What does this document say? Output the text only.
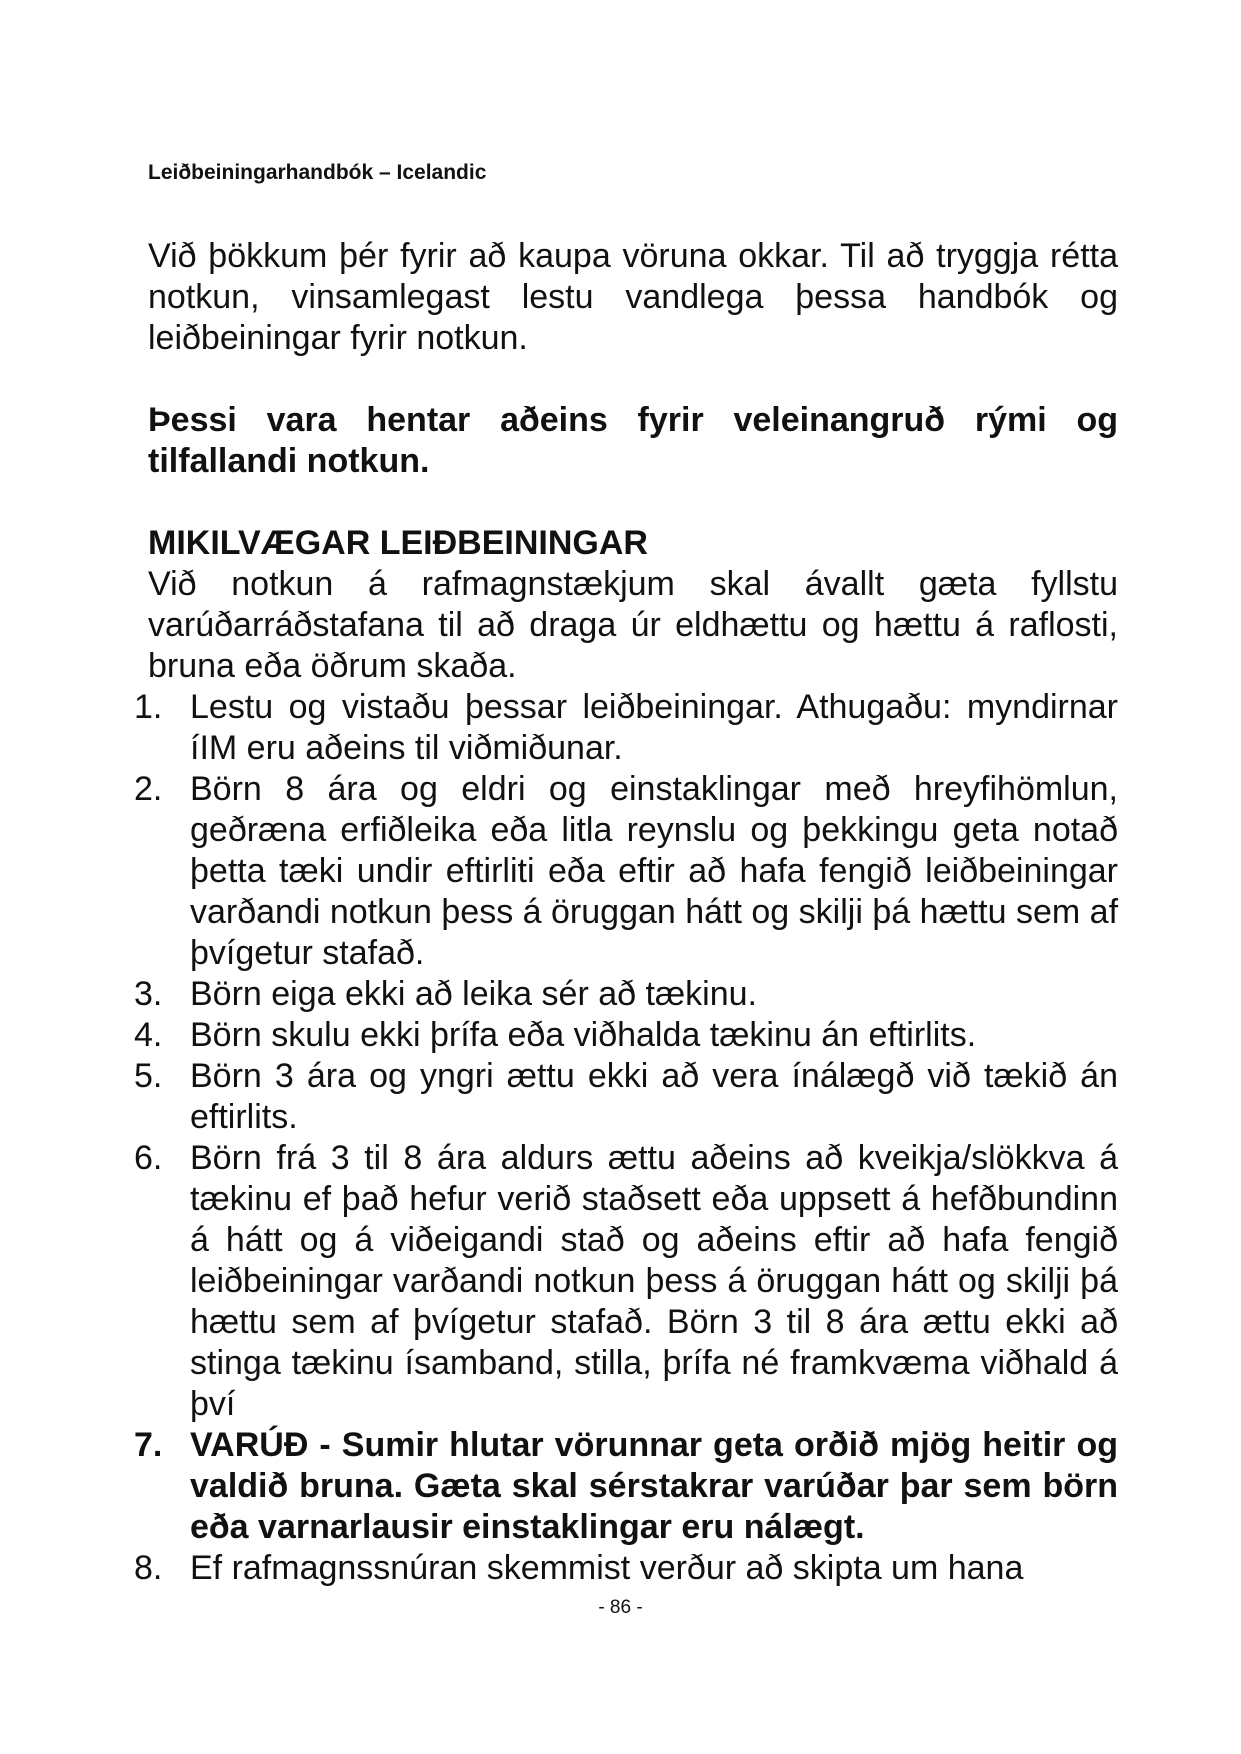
Leiðbeiningarhandbók – Icelandic

Við þökkum þér fyrir að kaupa vöruna okkar. Til að tryggja rétta notkun, vinsamlegast lestu vandlega þessa handbók og leiðbeiningar fyrir notkun.

Þessi vara hentar aðeins fyrir veleinangruð rými og tilfallandi notkun.

MIKILVÆGAR LEIÐBEININGAR

Við notkun á rafmagnstækjum skal ávallt gæta fyllstu varúðarráðstafana til að draga úr eldhættu og hættu á raflosti, bruna eða öðrum skaða.

1. Lestu og vistaðu þessar leiðbeiningar. Athugaðu: myndirnar íIM eru aðeins til viðmiðunar.
2. Börn 8 ára og eldri og einstaklingar með hreyfihömlun, geðræna erfiðleika eða litla reynslu og þekkingu geta notað þetta tæki undir eftirliti eða eftir að hafa fengið leiðbeiningar varðandi notkun þess á öruggan hátt og skilji þá hættu sem af þvígetur stafað.
3. Börn eiga ekki að leika sér að tækinu.
4. Börn skulu ekki þrífa eða viðhalda tækinu án eftirlits.
5. Börn 3 ára og yngri ættu ekki að vera ínálægð við tækið án eftirlits.
6. Börn frá 3 til 8 ára aldurs ættu aðeins að kveikja/slökkva á tækinu ef það hefur verið staðsett eða uppsett á hefðbundinn á hátt og á viðeigandi stað og aðeins eftir að hafa fengið leiðbeiningar varðandi notkun þess á öruggan hátt og skilji þá hættu sem af þvígetur stafað. Börn 3 til 8 ára ættu ekki að stinga tækinu ísamband, stilla, þrífa né framkvæma viðhald á því
7. VARÚÐ - Sumir hlutar vörunnar geta orðið mjög heitir og valdið bruna. Gæta skal sérstakrar varúðar þar sem börn eða varnarlausir einstaklingar eru nálægt.
8. Ef rafmagnssnúran skemmist verður að skipta um hana
- 86 -
